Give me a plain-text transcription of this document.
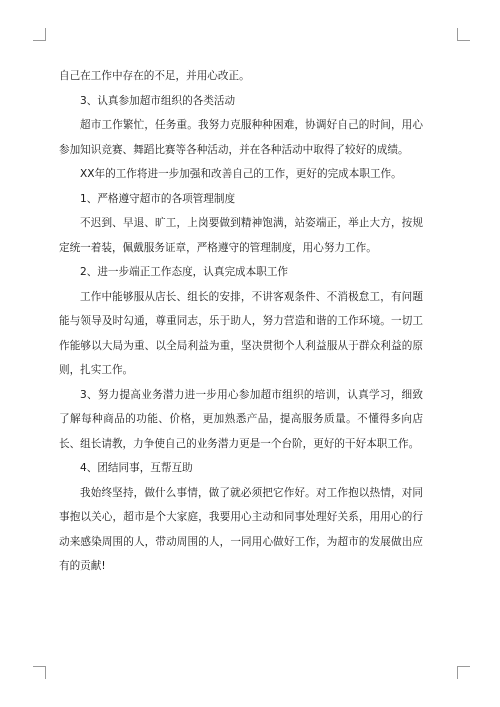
自己在工作中存在的不足，并用心改正。

3、认真参加超市组织的各类活动

超市工作繁忙，任务重。我努力克服种种困难，协调好自己的时间，用心参加知识竞赛、舞蹈比赛等各种活动，并在各种活动中取得了较好的成绩。

XX年的工作将进一步加强和改善自己的工作，更好的完成本职工作。

1、严格遵守超市的各项管理制度

不迟到、早退、旷工，上岗要做到精神饱满，站姿端正，举止大方，按规定统一着装，佩戴服务证章，严格遵守的管理制度，用心努力工作。

2、进一步端正工作态度，认真完成本职工作

工作中能够服从店长、组长的安排，不讲客观条件、不消极怠工，有问题能与领导及时勾通，尊重同志，乐于助人，努力营造和谐的工作环境。一切工作能够以大局为重、以全局利益为重，坚决贯彻个人利益服从于群众利益的原则，扎实工作。

3、努力提高业务潜力进一步用心参加超市组织的培训，认真学习，细致了解每种商品的功能、价格，更加熟悉产品，提高服务质量。不懂得多向店长、组长请教，力争使自己的业务潜力更是一个台阶，更好的干好本职工作。

4、团结同事，互帮互助

我始终坚持，做什么事情，做了就必须把它作好。对工作抱以热情，对同事抱以关心，超市是个大家庭，我要用心主动和同事处理好关系，用用心的行动来感染周围的人，带动周围的人，一同用心做好工作，为超市的发展做出应有的贡献!
